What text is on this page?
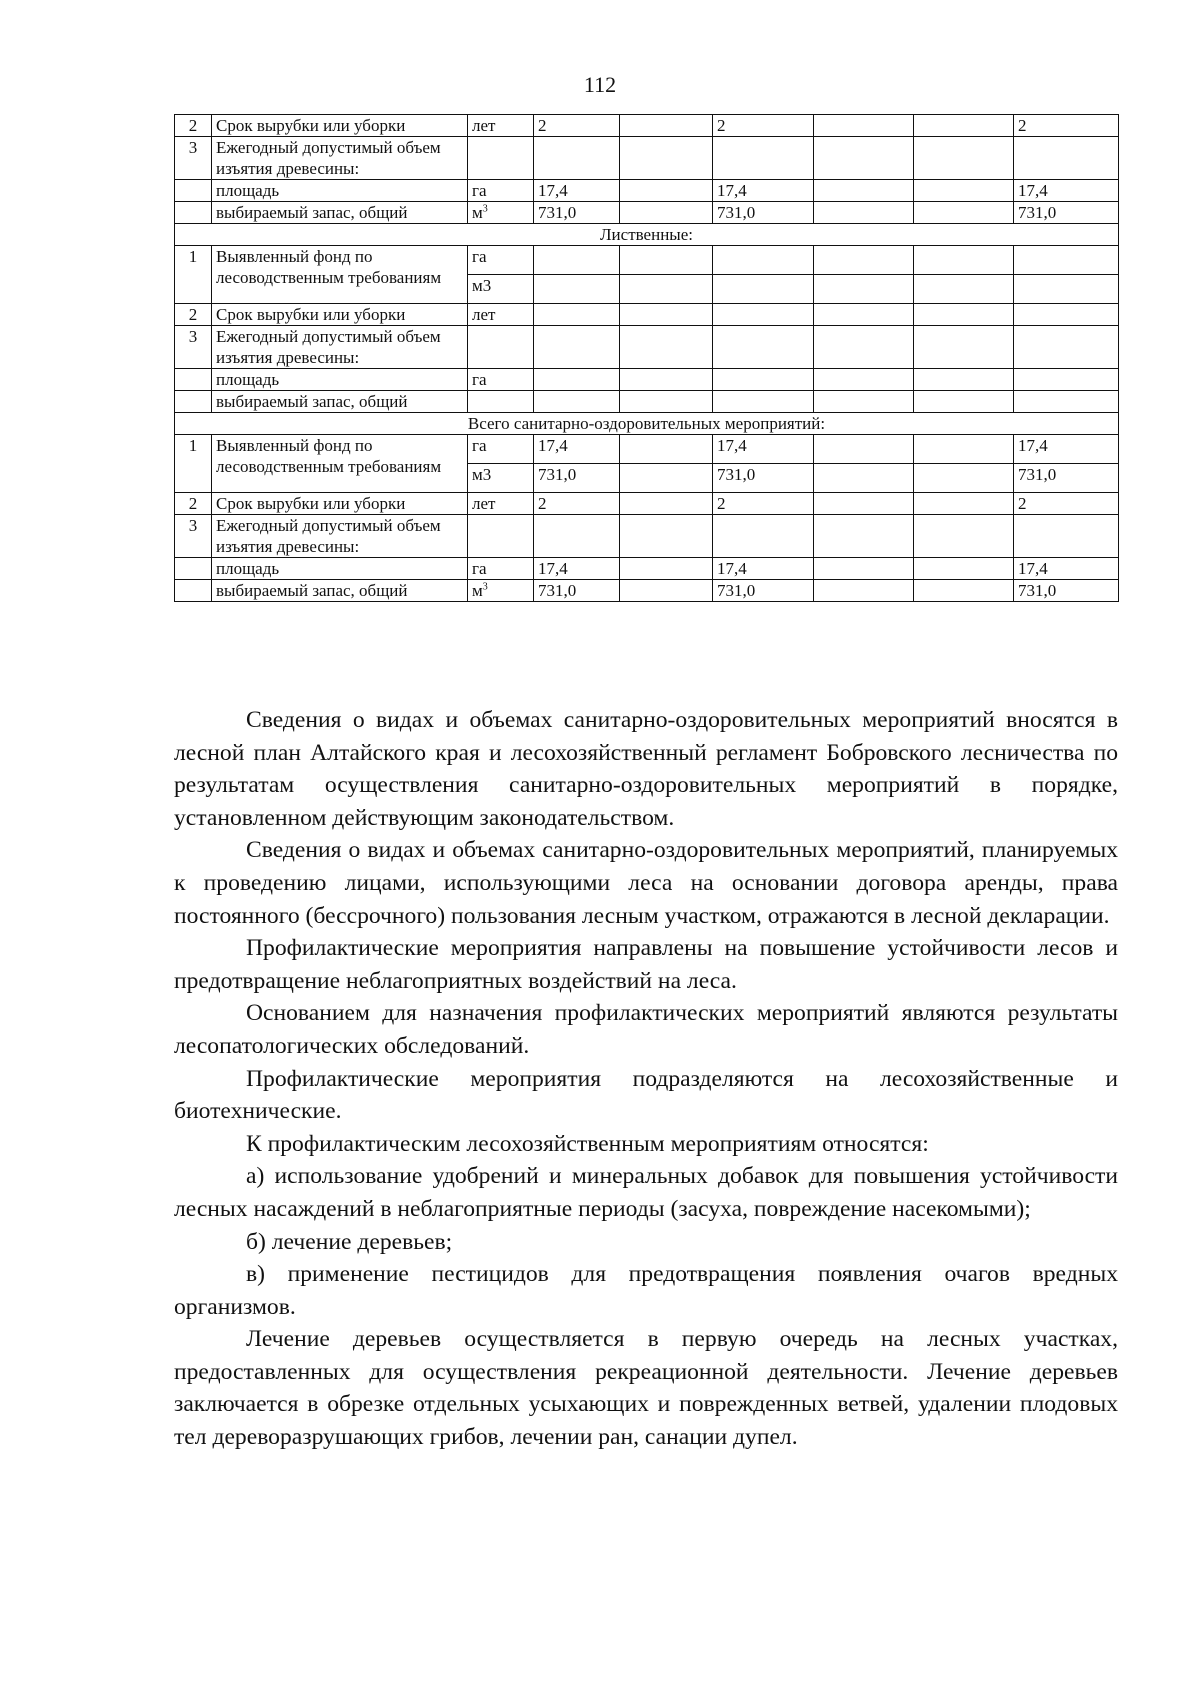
112
2	Срок вырубки или уборки	лет	2		2			2
3	Ежегодный допустимый объем изъятия древесины:							
	площадь	га	17,4		17,4			17,4
	выбираемый запас, общий	$м^3$	731,0		731,0			731,0
Лиственные:								
1	Выявленный фонд по лесоводственным требованиям	га						
		м3						
2	Срок вырубки или уборки	лет						
3	Ежегодный допустимый объем изъятия древесины:							
	площадь	га						
	выбираемый запас, общий							
Всего санитарно-оздоровительных мероприятий:								
1	Выявленный фонд по лесоводственным требованиям	га	17,4		17,4			17,4
		м3	731,0		731,0			731,0
2	Срок вырубки или уборки	лет	2		2			2
3	Ежегодный допустимый объем изъятия древесины:							
	площадь	га	17,4		17,4			17,4
	выбираемый запас, общий	$м^3$	731,0		731,0			731,0

Сведения о видах и объемах санитарно-оздоровительных мероприятий вносятся в лесной план Алтайского края и лесохозяйственный регламент Бобровского лесничества по результатам осуществления санитарно-оздоровительных мероприятий в порядке, установленном действующим законодательством.

Сведения о видах и объемах санитарно-оздоровительных мероприятий, планируемых к проведению лицами, использующими леса на основании договора аренды, права постоянного (бессрочного) пользования лесным участком, отражаются в лесной декларации.

Профилактические мероприятия направлены на повышение устойчивости лесов и предотвращение неблагоприятных воздействий на леса.

Основанием для назначения профилактических мероприятий являются результаты лесопатологических обследований.

Профилактические мероприятия подразделяются на лесохозяйственные и биотехнические.

К профилактическим лесохозяйственным мероприятиям относятся:

а) использование удобрений и минеральных добавок для повышения устойчивости лесных насаждений в неблагоприятные периоды (засуха, повреждение насекомыми);

б) лечение деревьев;

в) применение пестицидов для предотвращения появления очагов вредных организмов.

Лечение деревьев осуществляется в первую очередь на лесных участках, предоставленных для осуществления рекреационной деятельности. Лечение деревьев заключается в обрезке отдельных усыхающих и поврежденных ветвей, удалении плодовых тел дереворазрушающих грибов, лечении ран, санации дупел.
